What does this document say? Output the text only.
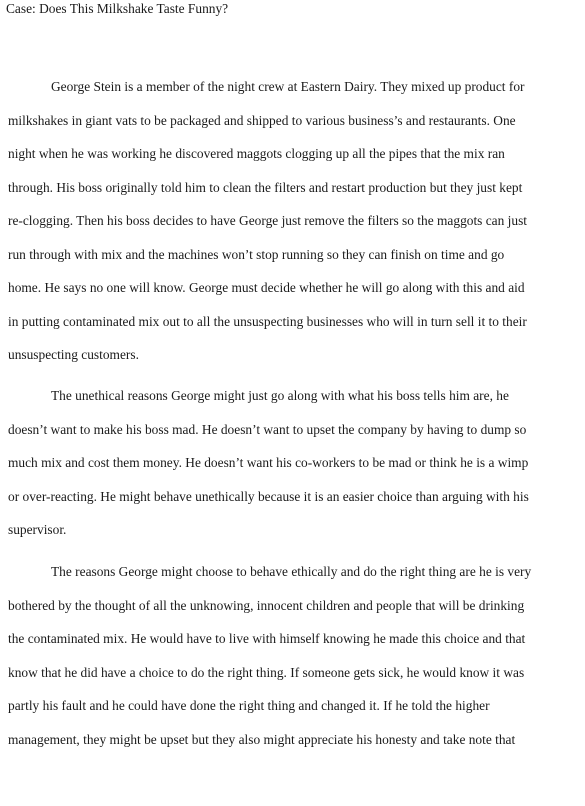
Case: Does This Milkshake Taste Funny?
George Stein is a member of the night crew at Eastern Dairy. They mixed up product for
milkshakes in giant vats to be packaged and shipped to various business’s and restaurants. One
night when he was working he discovered maggots clogging up all the pipes that the mix ran
through. His boss originally told him to clean the filters and restart production but they just kept
re-clogging. Then his boss decides to have George just remove the filters so the maggots can just
run through with mix and the machines won’t stop running so they can finish on time and go
home. He says no one will know. George must decide whether he will go along with this and aid
in putting contaminated mix out to all the unsuspecting businesses who will in turn sell it to their
unsuspecting customers.
The unethical reasons George might just go along with what his boss tells him are, he
doesn’t want to make his boss mad. He doesn’t want to upset the company by having to dump so
much mix and cost them money. He doesn’t want his co-workers to be mad or think he is a wimp
or over-reacting. He might behave unethically because it is an easier choice than arguing with his
supervisor.
The reasons George might choose to behave ethically and do the right thing are he is very
bothered by the thought of all the unknowing, innocent children and people that will be drinking
the contaminated mix. He would have to live with himself knowing he made this choice and that
know that he did have a choice to do the right thing. If someone gets sick, he would know it was
partly his fault and he could have done the right thing and changed it. If he told the higher
management, they might be upset but they also might appreciate his honesty and take note that
